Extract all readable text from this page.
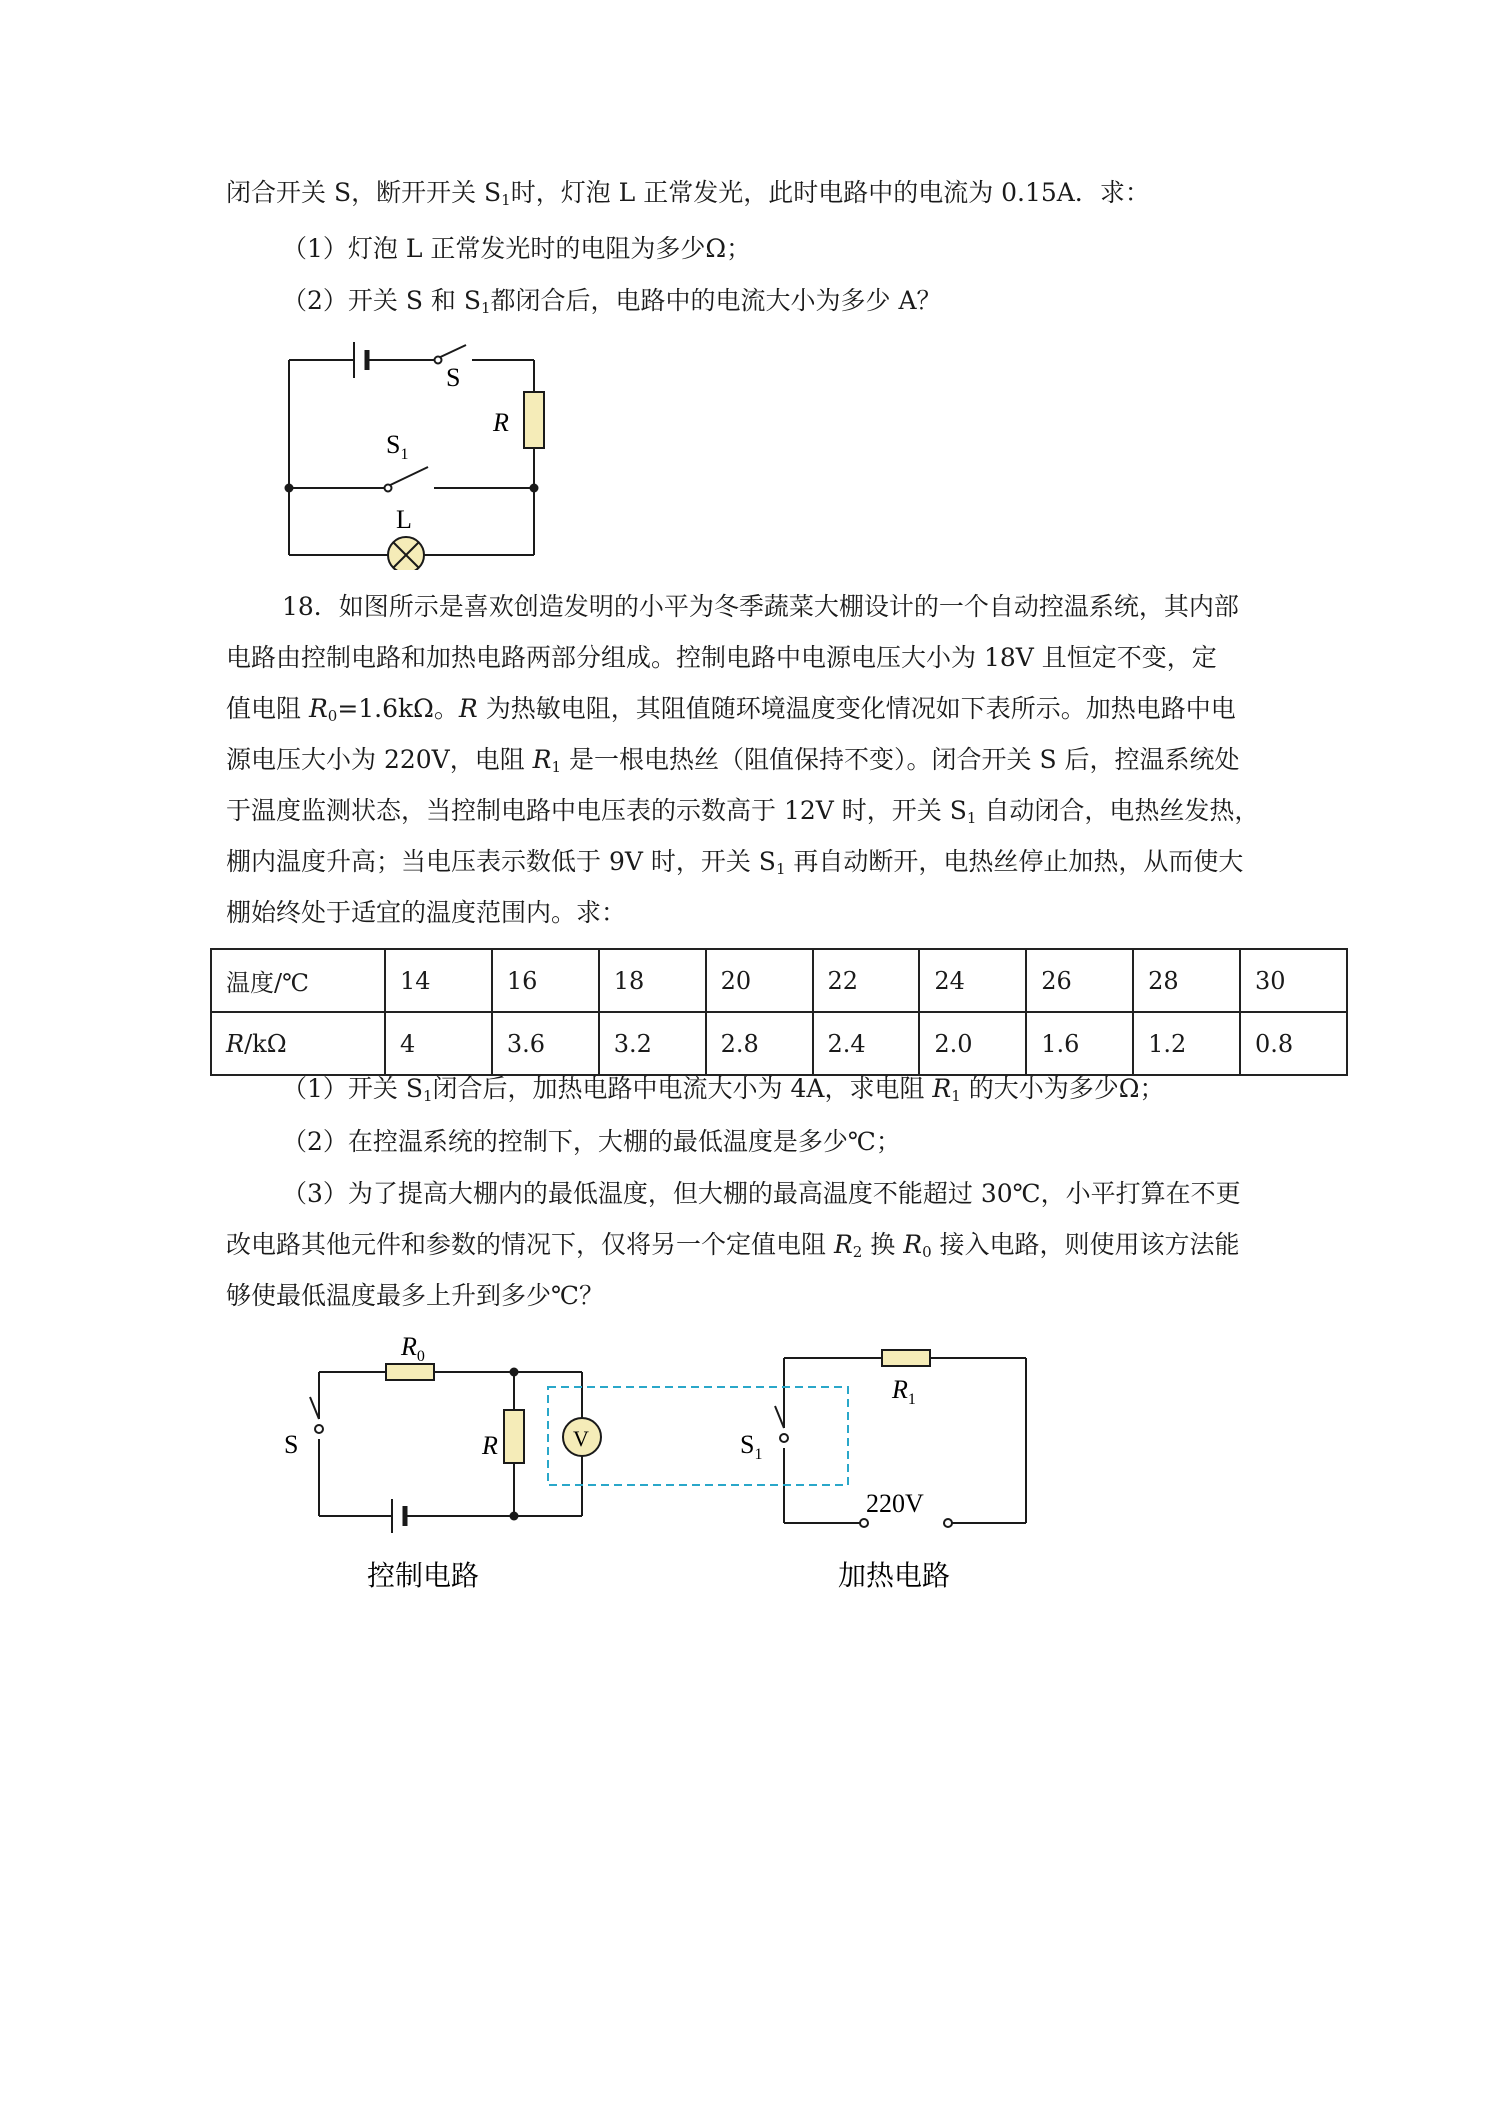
闭合开关 S，断开开关 $S_1$时，灯泡 L 正常发光，此时电路中的电流为 0.15A．求：
（1）灯泡 L 正常发光时的电阻为多少Ω；
（2）开关 S 和 $S_1$都闭合后，电路中的电流大小为多少 A？
S
R
$S_1$
L
18．如图所示是喜欢创造发明的小平为冬季蔬菜大棚设计的一个自动控温系统，其内部
电路由控制电路和加热电路两部分组成。控制电路中电源电压大小为 18V 且恒定不变，定
值电阻 $R_0=1.6k\Omega$。R 为热敏电阻，其阻值随环境温度变化情况如下表所示。加热电路中电
源电压大小为 220V，电阻 $R_1$ 是一根电热丝（阻值保持不变）。闭合开关 S 后，控温系统处
于温度监测状态，当控制电路中电压表的示数高于 12V 时，开关 $S_1$ 自动闭合，电热丝发热，
棚内温度升高；当电压表示数低于 9V 时，开关 $S_1$ 再自动断开，电热丝停止加热，从而使大
棚始终处于适宜的温度范围内。求：
温度/℃	14	16	18	20	22	24	26	28	30
R/kΩ	4	3.6	3.2	2.8	2.4	2.0	1.6	1.2	0.8
（1）开关 $S_1$闭合后，加热电路中电流大小为 4A，求电阻 $R_1$ 的大小为多少Ω；
（2）在控温系统的控制下，大棚的最低温度是多少℃；
（3）为了提高大棚内的最低温度，但大棚的最高温度不能超过 30℃，小平打算在不更
改电路其他元件和参数的情况下，仅将另一个定值电阻 $R_2$ 换 $R_0$ 接入电路，则使用该方法能
够使最低温度最多上升到多少℃？
$R_0$
S	R	V	$S_1$
$R_1$
220V
控制电路	加热电路
